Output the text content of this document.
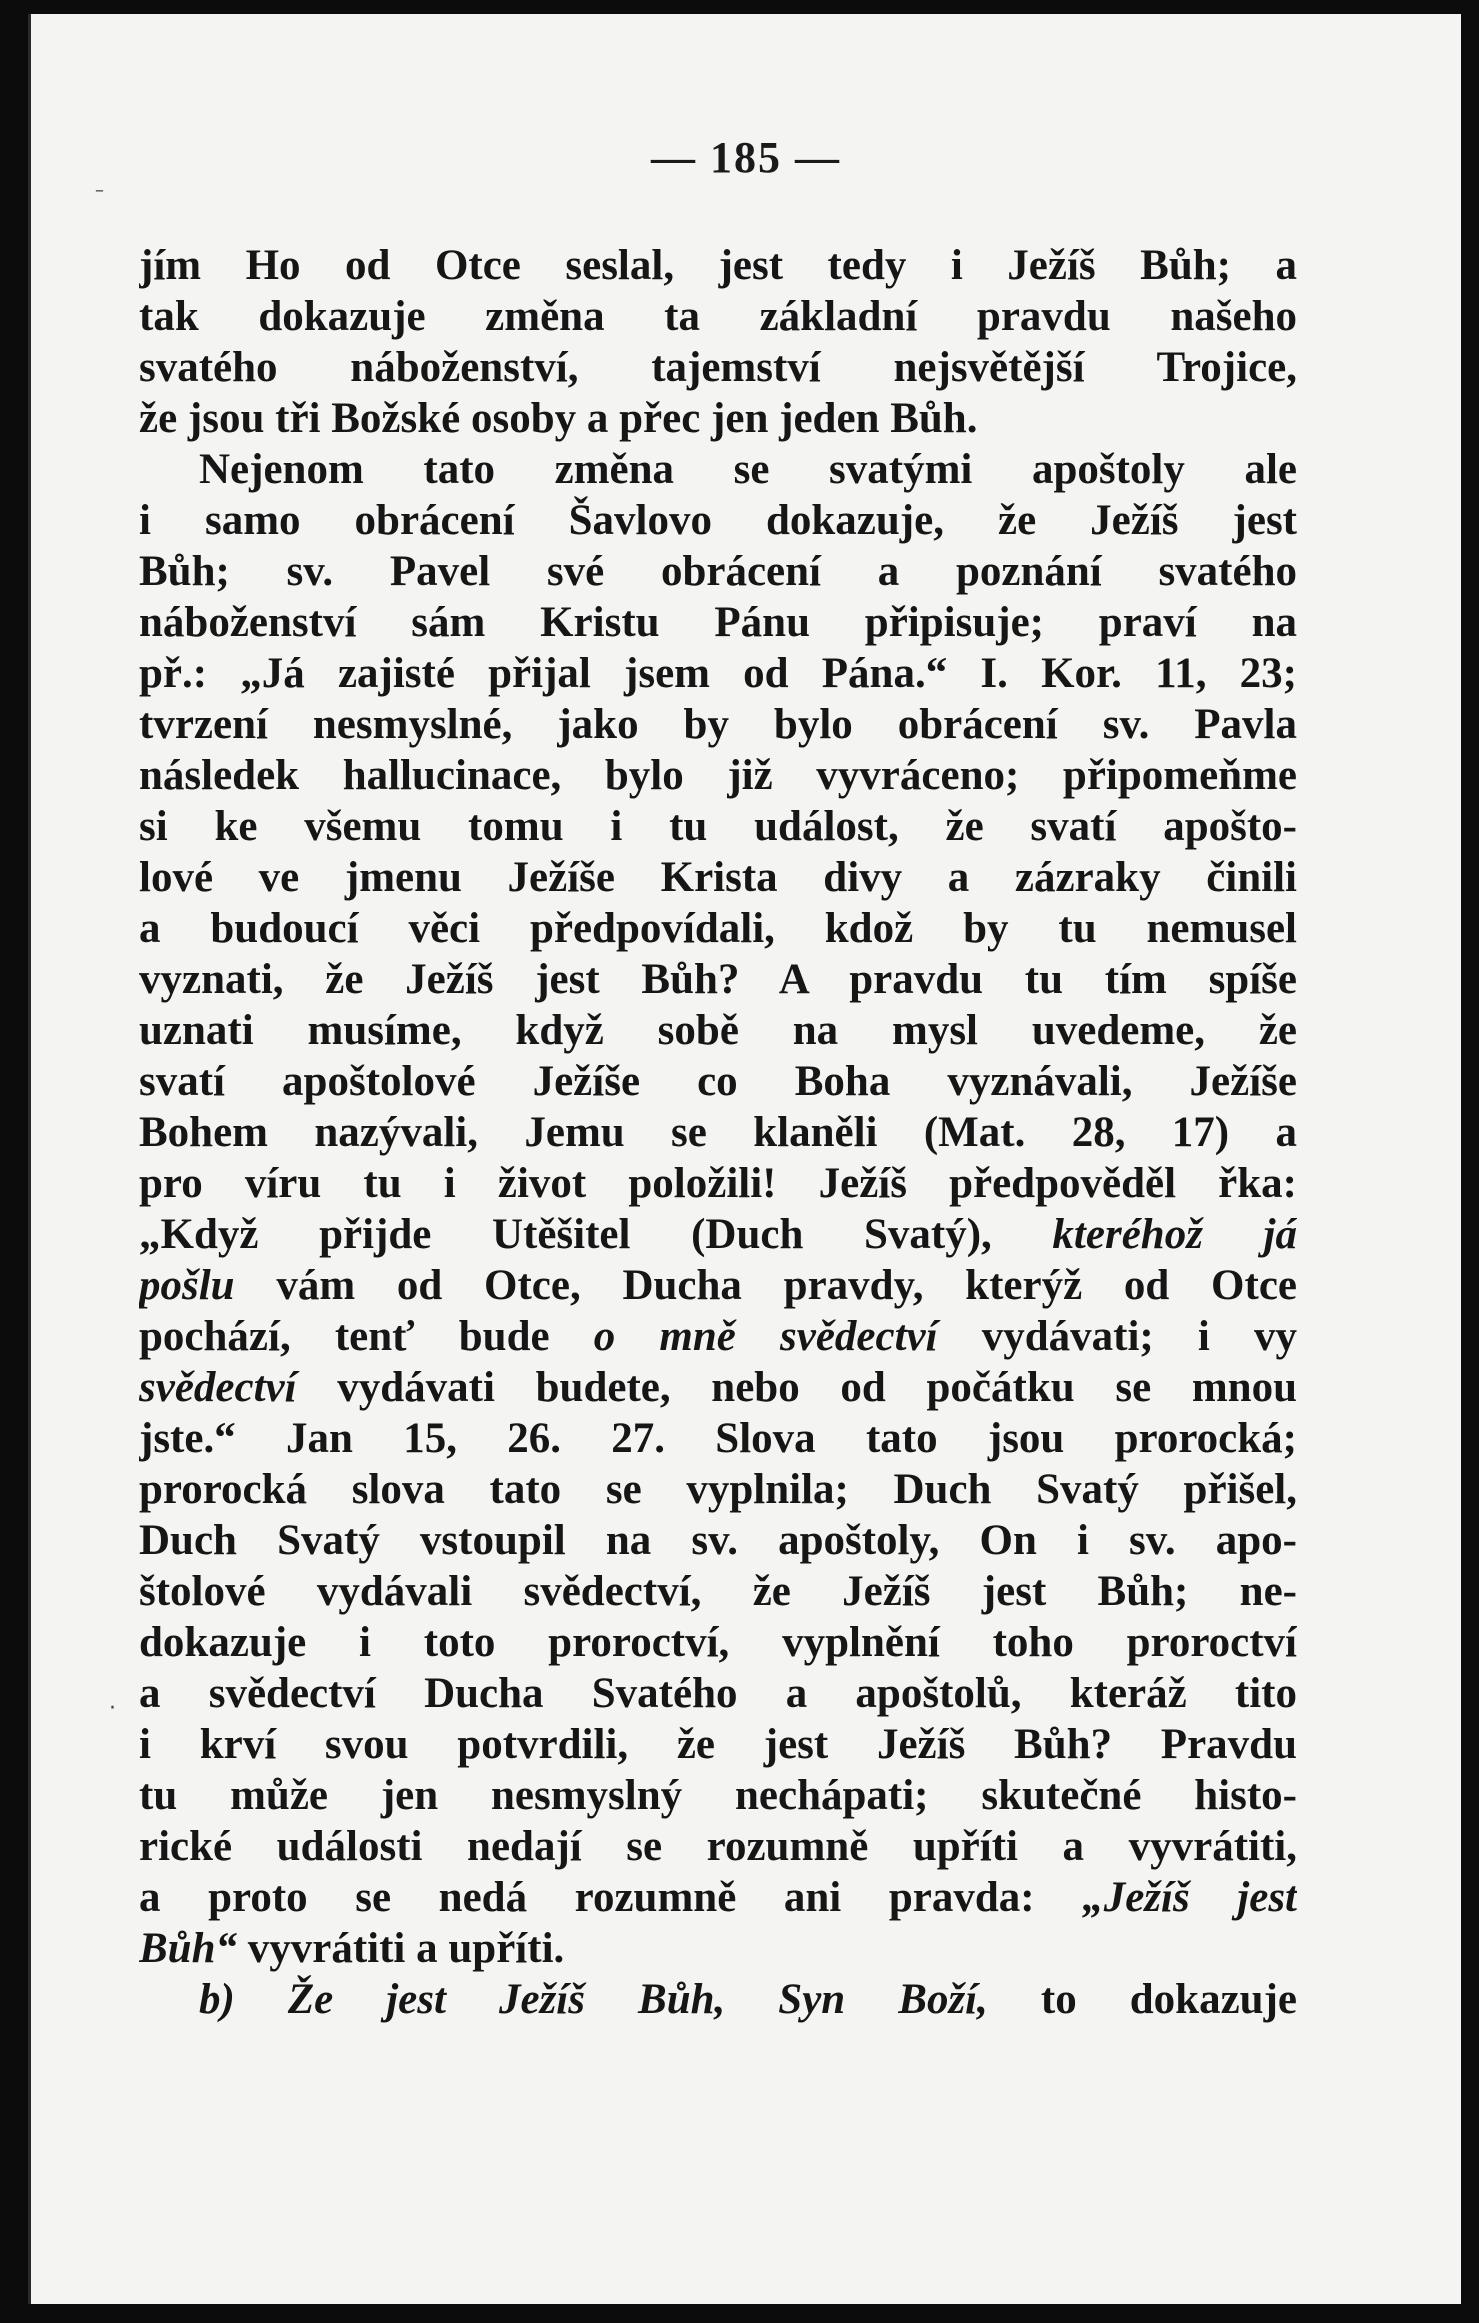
— 185 —
–
·
jím Ho od Otce seslal, jest tedy i Ježíš Bůh; a
tak dokazuje změna ta základní pravdu našeho
svatého náboženství, tajemství nejsvětější Trojice,
že jsou tři Božské osoby a přec jen jeden Bůh.
Nejenom tato změna se svatými apoštoly ale
i samo obrácení Šavlovo dokazuje, že Ježíš jest
Bůh; sv. Pavel své obrácení a poznání svatého
náboženství sám Kristu Pánu připisuje; praví na
př.: „Já zajisté přijal jsem od Pána.“ I. Kor. 11, 23;
tvrzení nesmyslné, jako by bylo obrácení sv. Pavla
následek hallucinace, bylo již vyvráceno; připomeňme
si ke všemu tomu i tu událost, že svatí apošto-
lové ve jmenu Ježíše Krista divy a zázraky činili
a budoucí věci předpovídali, kdož by tu nemusel
vyznati, že Ježíš jest Bůh? A pravdu tu tím spíše
uznati musíme, když sobě na mysl uvedeme, že
svatí apoštolové Ježíše co Boha vyznávali, Ježíše
Bohem nazývali, Jemu se klaněli (Mat. 28, 17) a
pro víru tu i život položili! Ježíš předpověděl řka:
„Když přijde Utěšitel (Duch Svatý), kteréhož já
pošlu vám od Otce, Ducha pravdy, kterýž od Otce
pochází, tenť bude o mně svědectví vydávati; i vy
svědectví vydávati budete, nebo od počátku se mnou
jste.“ Jan 15, 26. 27. Slova tato jsou prorocká;
prorocká slova tato se vyplnila; Duch Svatý přišel,
Duch Svatý vstoupil na sv. apoštoly, On i sv. apo-
štolové vydávali svědectví, že Ježíš jest Bůh; ne-
dokazuje i toto proroctví, vyplnění toho proroctví
a svědectví Ducha Svatého a apoštolů, kteráž tito
i krví svou potvrdili, že jest Ježíš Bůh? Pravdu
tu může jen nesmyslný nechápati; skutečné histo-
rické události nedají se rozumně upříti a vyvrátiti,
a proto se nedá rozumně ani pravda: „Ježíš jest
Bůh“ vyvrátiti a upříti.
b) Že jest Ježíš Bůh, Syn Boží, to dokazuje
